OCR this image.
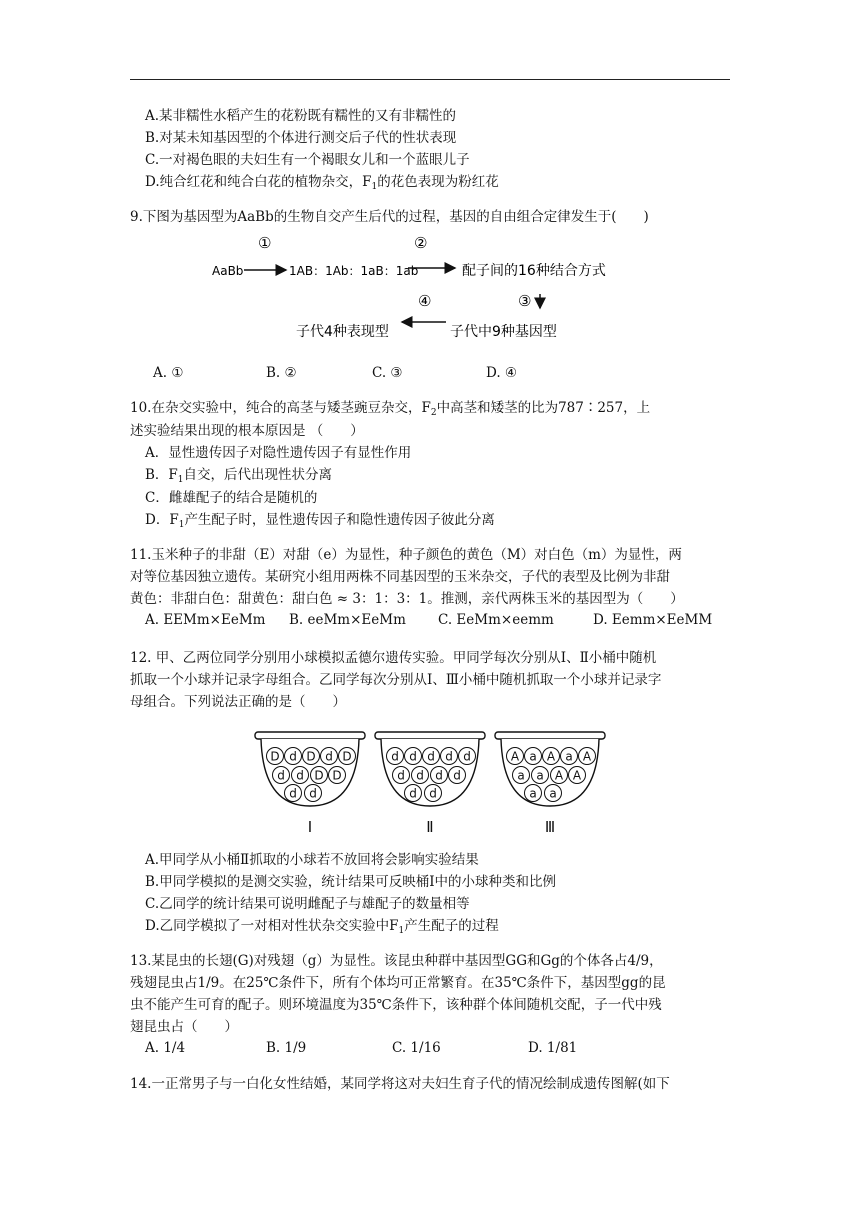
A.某非糯性水稻产生的花粉既有糯性的又有非糯性的
B.对某未知基因型的个体进行测交后子代的性状表现
C.一对褐色眼的夫妇生有一个褐眼女儿和一个蓝眼儿子
D.纯合红花和纯合白花的植物杂交，$F_1$的花色表现为粉红花
9.下图为基因型为AaBb的生物自交产生后代的过程，基因的自由组合定律发生于(　　)
①
AaBb	1AB：1Ab：1aB：1ab
②
配子间的16种结合方式
④	③
子代4种表现型	子代中9种基因型
A. ①	B. ②	C. ③	D. ④
10.在杂交实验中，纯合的高茎与矮茎豌豆杂交，$F_2$中高茎和矮茎的比为787∶257，上
述实验结果出现的根本原因是 （　　）
A．显性遗传因子对隐性遗传因子有显性作用
B．$F_1$自交，后代出现性状分离
C．雌雄配子的结合是随机的
D．$F_1$产生配子时，显性遗传因子和隐性遗传因子彼此分离
11.玉米种子的非甜（E）对甜（e）为显性，种子颜色的黄色（M）对白色（m）为显性，两
对等位基因独立遗传。某研究小组用两株不同基因型的玉米杂交，子代的表型及比例为非甜
黄色：非甜白色：甜黄色：甜白色 ≈ 3：1：3：1。推测，亲代两株玉米的基因型为（　　）
A. EEMm×EeMm B. eeMm×EeMm C. EeMm×eemm	D. Eemm×EeMM
12. 甲、乙两位同学分别用小球模拟孟德尔遗传实验。甲同学每次分别从Ⅰ、Ⅱ小桶中随机
抓取一个小球并记录字母组合。乙同学每次分别从Ⅰ、Ⅲ小桶中随机抓取一个小球并记录字
母组合。下列说法正确的是（　　）
D d D d D
d d D D
d d
Ⅰ
d d d d d
d d d d
d d
Ⅱ
A a A a A
a a A A
a a
Ⅲ
A.甲同学从小桶Ⅱ抓取的小球若不放回将会影响实验结果
B.甲同学模拟的是测交实验，统计结果可反映桶Ⅰ中的小球种类和比例
C.乙同学的统计结果可说明雌配子与雄配子的数量相等
D.乙同学模拟了一对相对性状杂交实验中$F_1$产生配子的过程
13.某昆虫的长翅(G)对残翅（g）为显性。该昆虫种群中基因型GG和Gg的个体各占4/9，
残翅昆虫占1/9。在25℃条件下，所有个体均可正常繁育。在35℃条件下，基因型gg的昆
虫不能产生可育的配子。则环境温度为35℃条件下，该种群个体间随机交配，子一代中残
翅昆虫占（　　）
A. 1/4	B. 1/9	C. 1/16	D. 1/81
14.一正常男子与一白化女性结婚，某同学将这对夫妇生育子代的情况绘制成遗传图解(如下
